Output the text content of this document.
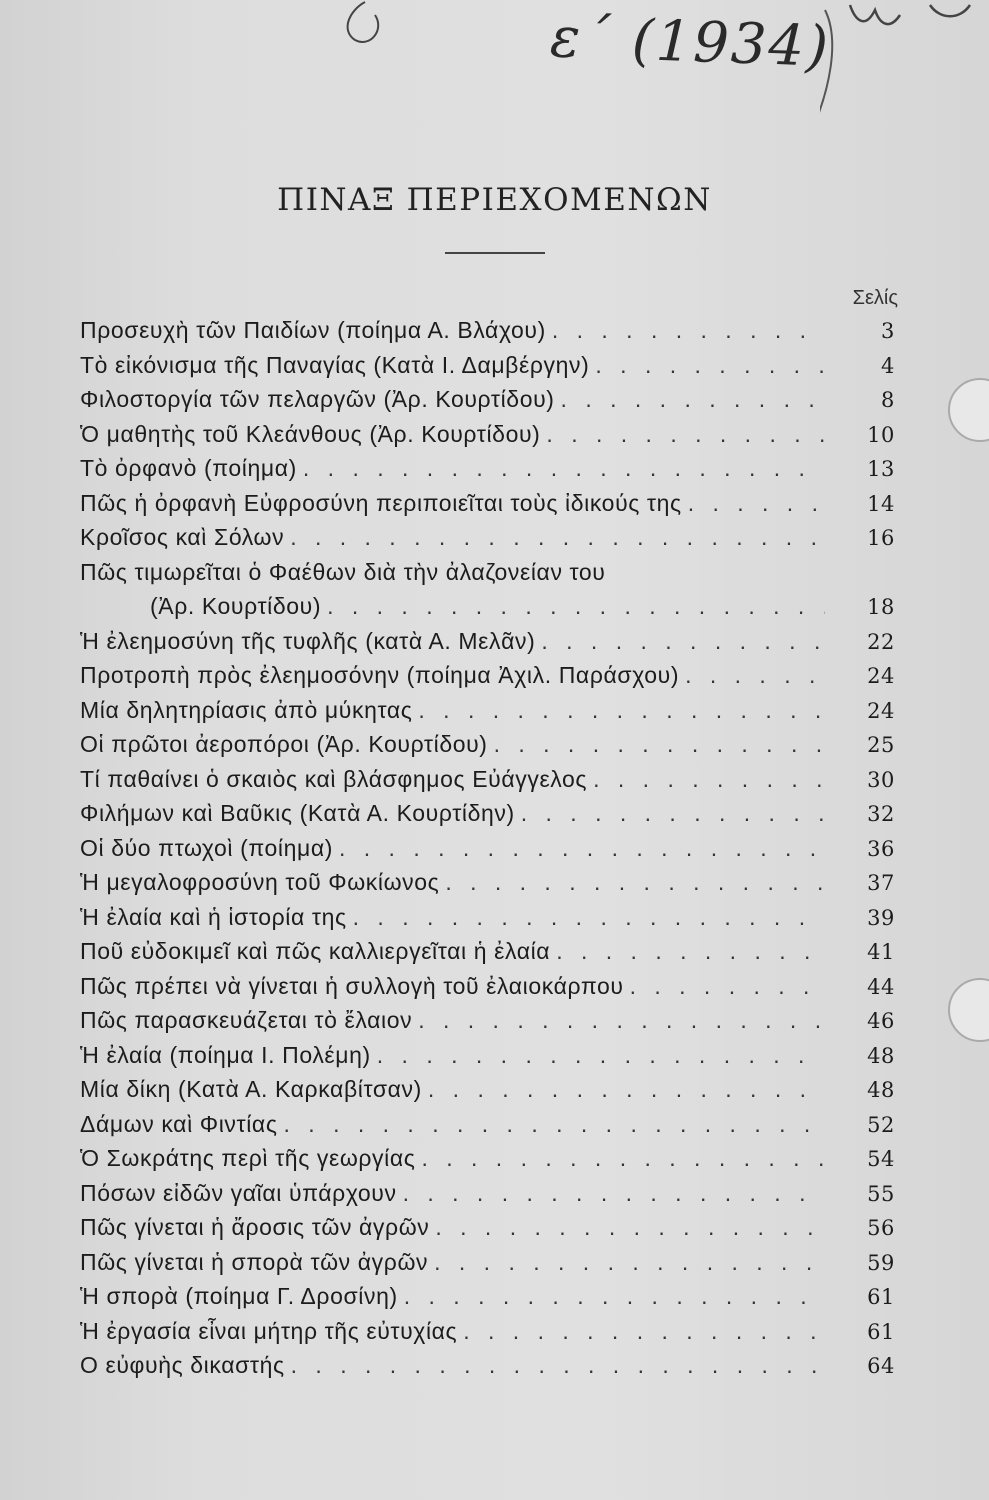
ε΄ (1934)
ΠΙΝΑΞ ΠΕΡΙΕΧΟΜΕΝΩΝ
Σελίς
Προσευχὴ τῶν Παιδίων (ποίημα Α. Βλάχου) . . .	3
Τὸ εἰκόνισμα τῆς Παναγίας (Κατὰ Ι. Δαμβέργην) . . .	4
Φιλοστοργία τῶν πελαργῶν (Ἀρ. Κουρτίδου) . . .	8
Ὁ μαθητὴς τοῦ Κλεάνθους (Ἀρ. Κουρτίδου) . . .	10
Τὸ ὀρφανὸ (ποίημα) . . .	13
Πῶς ἡ ὀρφανὴ Εὐφροσύνη περιποιεῖται τοὺς ἰδικούς της . . .	14
Κροῖσος καὶ Σόλων . . .	16
Πῶς τιμωρεῖται ὁ Φαέθων διὰ τὴν ἀλαζονείαν του
(Ἀρ. Κουρτίδου) . . .	18
Ἡ ἐλεημοσύνη τῆς τυφλῆς (κατὰ Α. Μελᾶν) . . .	22
Προτροπὴ πρὸς ἐλεημοσόνην (ποίημα Ἀχιλ. Παράσχου) . . .	24
Μία δηλητηρίασις ἀπὸ μύκητας . . .	24
Οἱ πρῶτοι ἀεροπόροι (Ἀρ. Κουρτίδου) . . .	25
Τί παθαίνει ὁ σκαιὸς καὶ βλάσφημος Εὐάγγελος . . .	30
Φιλήμων καὶ Βαῦκις (Κατὰ Α. Κουρτίδην) . . .	32
Οἱ δύο πτωχοὶ (ποίημα) . . .	36
Ἡ μεγαλοφροσύνη τοῦ Φωκίωνος . . .	37
Ἡ ἐλαία καὶ ἡ ἱστορία της . . .	39
Ποῦ εὐδοκιμεῖ καὶ πῶς καλλιεργεῖται ἡ ἐλαία . . .	41
Πῶς πρέπει νὰ γίνεται ἡ συλλογὴ τοῦ ἐλαιοκάρπου . . .	44
Πῶς παρασκευάζεται τὸ ἔλαιον . . .	46
Ἡ ἐλαία (ποίημα Ι. Πολέμη) . . .	48
Μία δίκη (Κατὰ Α. Καρκαβίτσαν) . . .	48
Δάμων καὶ Φιντίας . . .	52
Ὁ Σωκράτης περὶ τῆς γεωργίας . . .	54
Πόσων εἰδῶν γαῖαι ὑπάρχουν . . .	55
Πῶς γίνεται ἡ ἄροσις τῶν ἀγρῶν . . .	56
Πῶς γίνεται ἡ σπορὰ τῶν ἀγρῶν . . .	59
Ἡ σπορὰ (ποίημα Γ. Δροσίνη) . . .	61
Ἡ ἐργασία εἶναι μήτηρ τῆς εὐτυχίας . . .	61
Ο εὐφυὴς δικαστής . . .	64
